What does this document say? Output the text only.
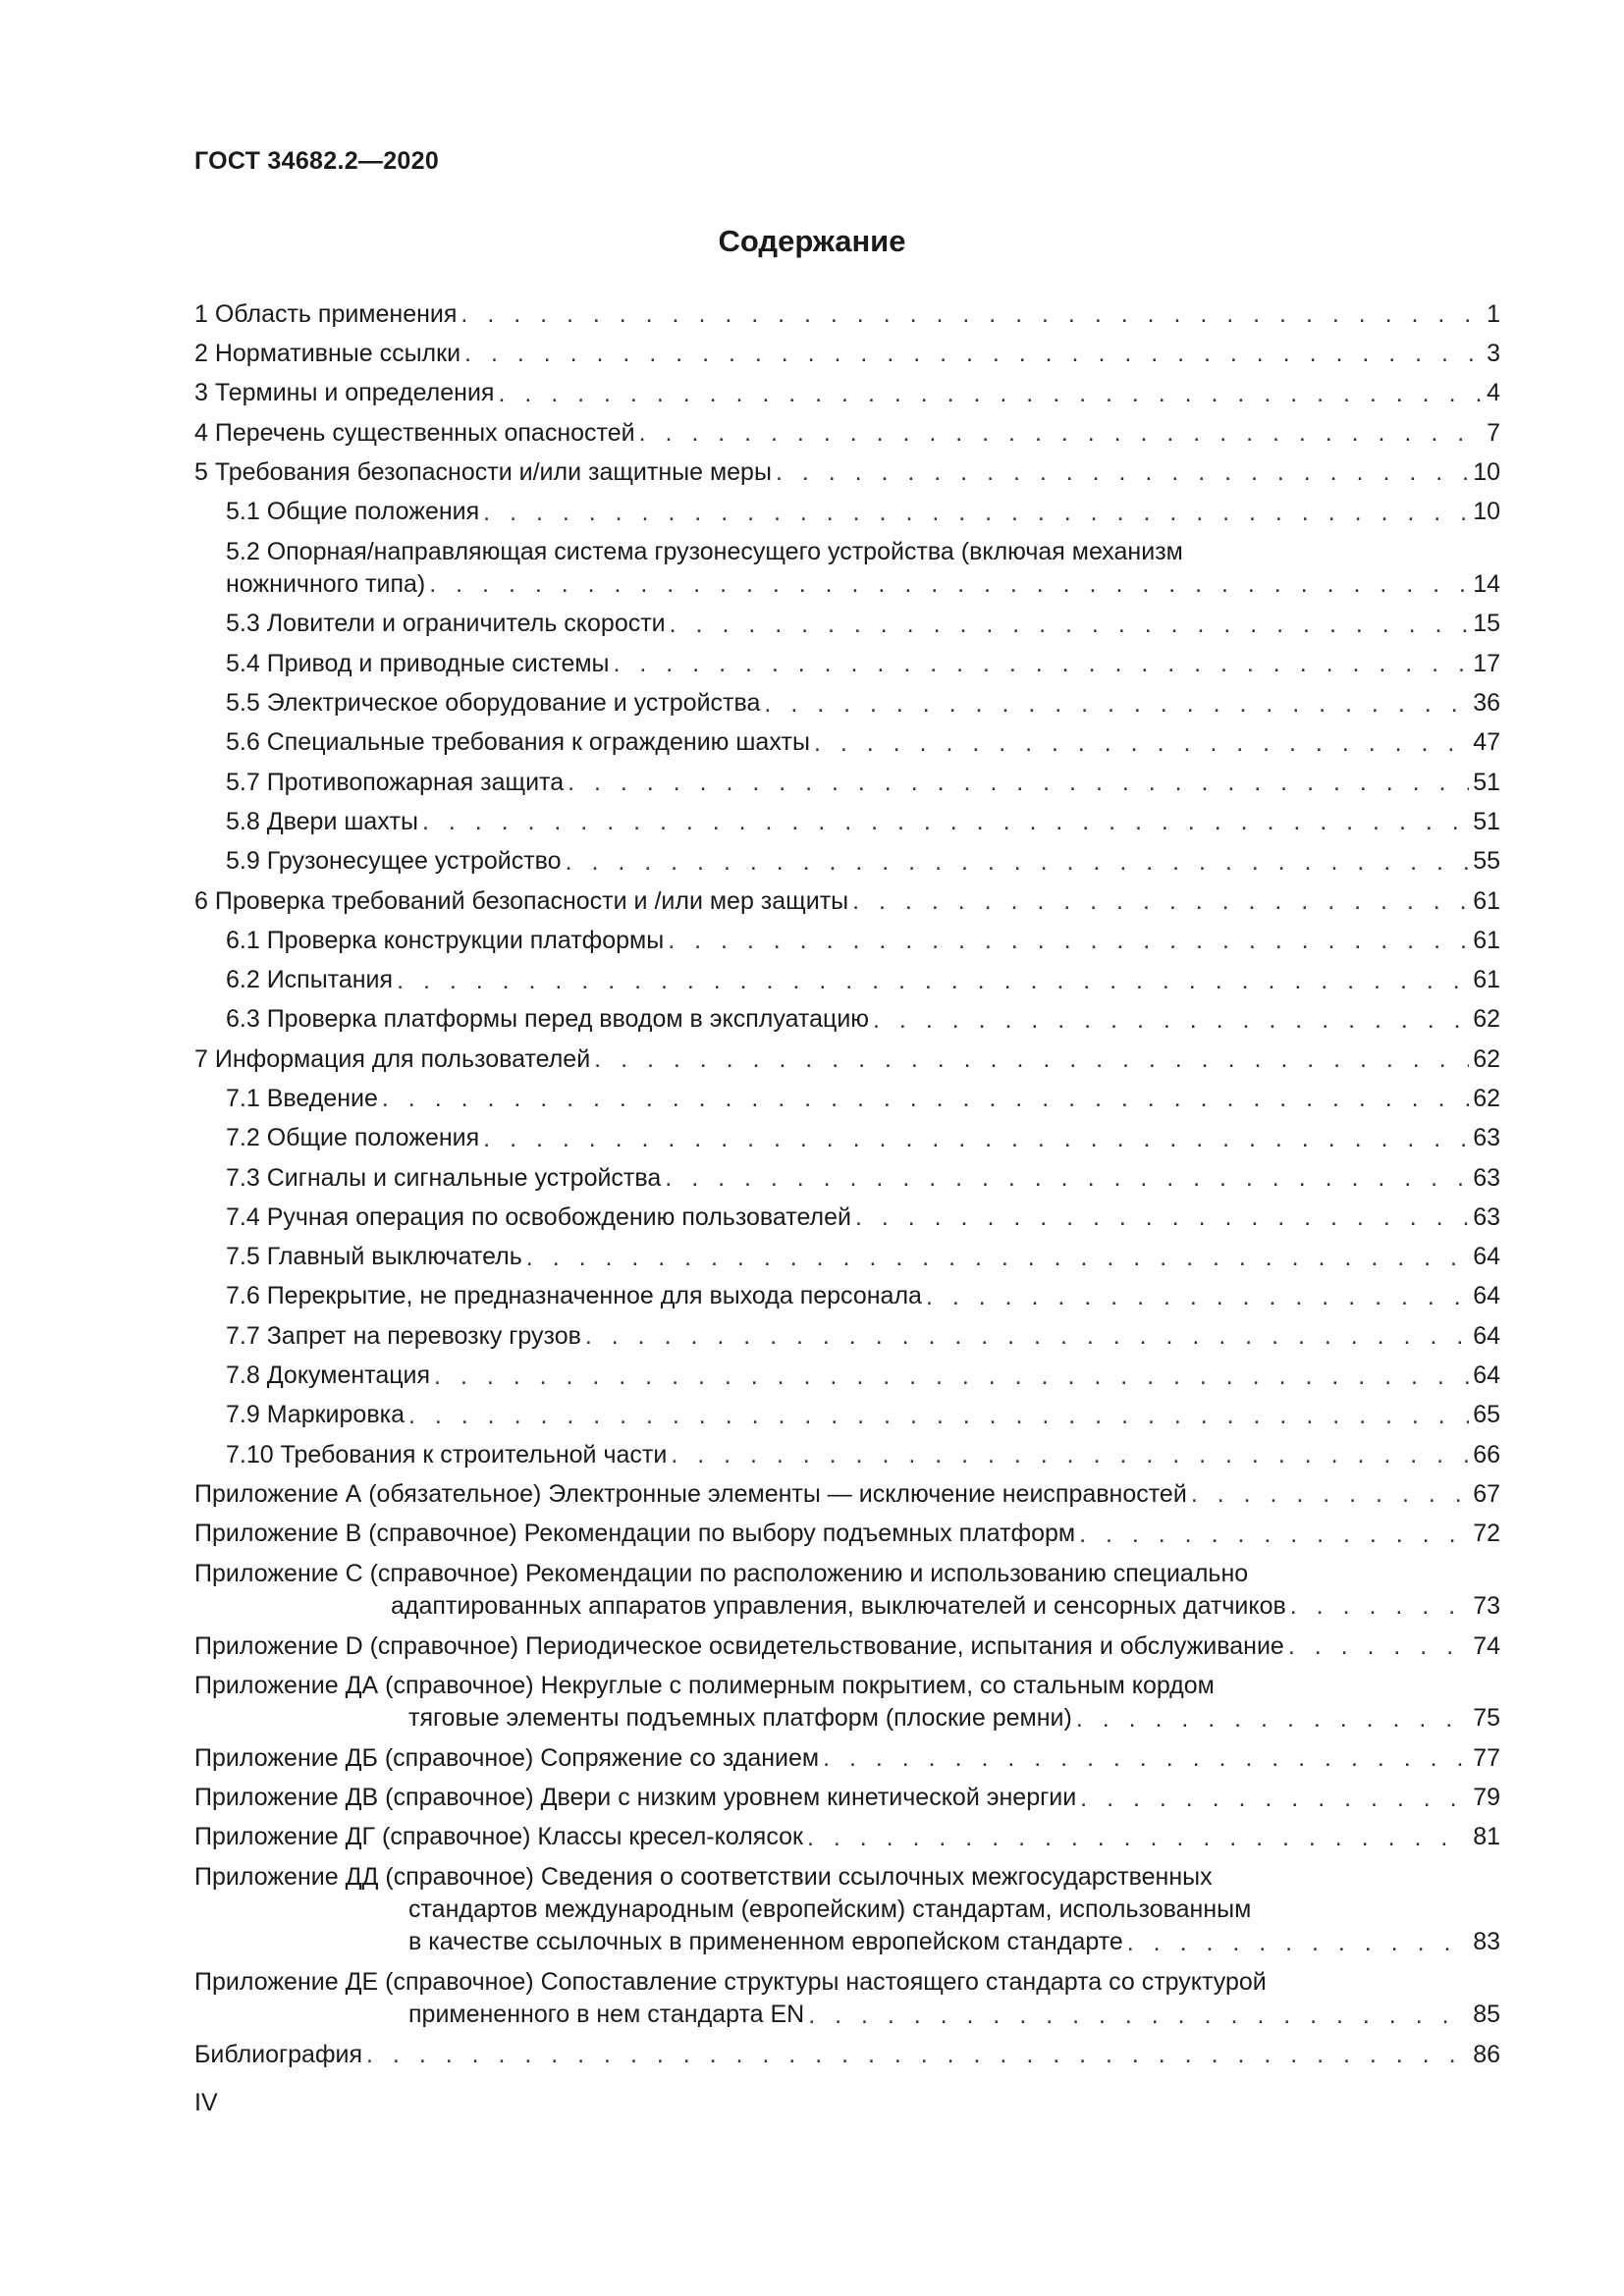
ГОСТ 34682.2—2020
Содержание
1 Область применения . . .	1
2 Нормативные ссылки . . .	3
3 Термины и определения . . .	4
4 Перечень существенных опасностей . . .	7
5 Требования безопасности и/или защитные меры . . .	10
5.1 Общие положения . . .	10
5.2 Опорная/направляющая система грузонесущего устройства (включая механизм
ножничного типа) . . .	14
5.3 Ловители и ограничитель скорости . . .	15
5.4 Привод и приводные системы . . .	17
5.5 Электрическое оборудование и устройства . . .	36
5.6 Специальные требования к ограждению шахты . . .	47
5.7 Противопожарная защита . . .	51
5.8 Двери шахты . . .	51
5.9 Грузонесущее устройство . . .	55
6 Проверка требований безопасности и /или мер защиты . . .	61
6.1 Проверка конструкции платформы . . .	61
6.2 Испытания . . .	61
6.3 Проверка платформы перед вводом в эксплуатацию . . .	62
7 Информация для пользователей . . .	62
7.1 Введение . . .	62
7.2 Общие положения . . .	63
7.3 Сигналы и сигнальные устройства . . .	63
7.4 Ручная операция по освобождению пользователей . . .	63
7.5 Главный выключатель . . .	64
7.6 Перекрытие, не предназначенное для выхода персонала . . .	64
7.7 Запрет на перевозку грузов . . .	64
7.8 Документация . . .	64
7.9 Маркировка . . .	65
7.10 Требования к строительной части . . .	66
Приложение А (обязательное) Электронные элементы — исключение неисправностей . . .	67
Приложение В (справочное) Рекомендации по выбору подъемных платформ . . .	72
Приложение С (справочное) Рекомендации по расположению и использованию специально
адаптированных аппаратов управления, выключателей и сенсорных датчиков . . .	73
Приложение D (справочное) Периодическое освидетельствование, испытания и обслуживание . . .	74
Приложение ДА (справочное) Некруглые с полимерным покрытием, со стальным кордом
тяговые элементы подъемных платформ (плоские ремни) . . .	75
Приложение ДБ (справочное) Сопряжение со зданием . . .	77
Приложение ДВ (справочное) Двери с низким уровнем кинетической энергии . . .	79
Приложение ДГ (справочное) Классы кресел-колясок . . .	81
Приложение ДД (справочное) Сведения о соответствии ссылочных межгосударственных
стандартов международным (европейским) стандартам, использованным
в качестве ссылочных в примененном европейском стандарте . . .	83
Приложение ДЕ (справочное) Сопоставление структуры настоящего стандарта со структурой
примененного в нем стандарта EN . . .	85
Библиография . . .	86
IV
